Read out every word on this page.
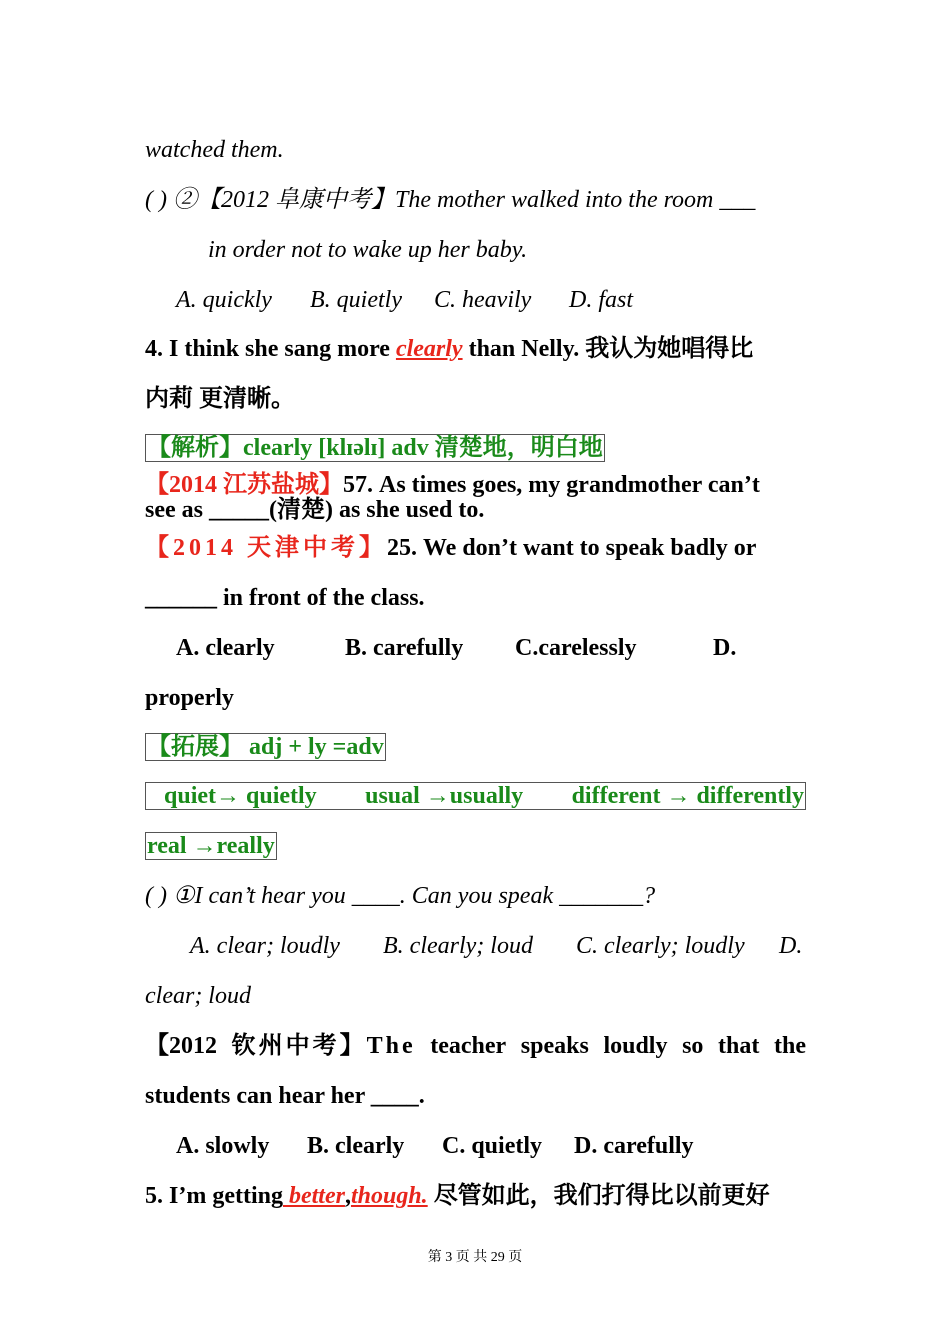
watched them.
( ) ②【2012 阜康中考】The mother walked into the room ___
in order not to wake up her baby.
A. quickly B. quietly C. heavily D. fast
4. I think she sang more clearly than Nelly. 我认为她唱得比
内莉 更清晰。
【解析】clearly [klɪəlɪ] adv 清楚地，明白地
【2014 江苏盐城】57. As times goes, my grandmother can’t
see as _____(清楚) as she used to.
【2014 天津中考】25. We don’t want to speak badly or
______ in front of the class.
A. clearly	B. carefully C.carelessly	D.
properly
【拓展】 adj + ly =adv
quiet→ quietly usual →usually different → differently
real →really
( ) ①I can’t hear you ____. Can you speak _______?
A. clear; loudly B. clearly; loud C. clearly; loudly D.
clear; loud
【2012 钦州中考】The teacher speaks loudly so that the
students can hear her ____.
A. slowly B. clearly C. quietly D. carefully
5. I’m getting better,though. 尽管如此，我们打得比以前更好
第 3 页 共 29 页
